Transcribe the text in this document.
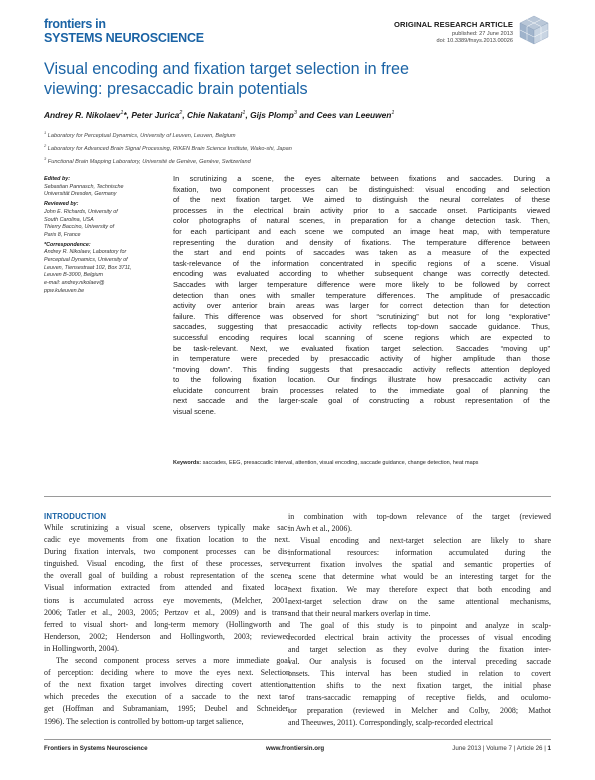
frontiers in
SYSTEMS NEUROSCIENCE
ORIGINAL RESEARCH ARTICLE
published: 27 June 2013
doi: 10.3389/fnsys.2013.00026
Visual encoding and fixation target selection in free
viewing: presaccadic brain potentials
Andrey R. Nikolaev$^1$*, Peter Jurica$^2$, Chie Nakatani$^1$, Gijs Plomp$^3$ and Cees van Leeuwen$^1$
$^1$ Laboratory for Perceptual Dynamics, University of Leuven, Leuven, Belgium
$^2$ Laboratory for Advanced Brain Signal Processing, RIKEN Brain Science Institute, Wako-shi, Japan
$^3$ Functional Brain Mapping Laboratory, Université de Genève, Genève, Switzerland
Edited by:
Sebastian Pannasch, Technische
Universität Dresden, Germany
Reviewed by:
John E. Richards, University of
South Carolina, USA
Thierry Baccino, University of
Paris 8, France
*Correspondence:
Andrey R. Nikolaev, Laboratory for
Perceptual Dynamics, University of
Leuven, Tiensestraat 102, Box 3711,
Leuven B-3000, Belgium
e-mail: andrey.nikolaev@
ppw.kuleuven.be
In scrutinizing a scene, the eyes alternate between fixations and saccades. During a
fixation, two component processes can be distinguished: visual encoding and selection
of the next fixation target. We aimed to distinguish the neural correlates of these
processes in the electrical brain activity prior to a saccade onset. Participants viewed
color photographs of natural scenes, in preparation for a change detection task. Then,
for each participant and each scene we computed an image heat map, with temperature
representing the duration and density of fixations. The temperature difference between
the start and end points of saccades was taken as a measure of the expected
task-relevance of the information concentrated in specific regions of a scene. Visual
encoding was evaluated according to whether subsequent change was correctly detected.
Saccades with larger temperature difference were more likely to be followed by correct
detection than ones with smaller temperature differences. The amplitude of presaccadic
activity over anterior brain areas was larger for correct detection than for detection
failure. This difference was observed for short “scrutinizing” but not for long “explorative”
saccades, suggesting that presaccadic activity reflects top-down saccade guidance. Thus,
successful encoding requires local scanning of scene regions which are expected to
be task-relevant. Next, we evaluated fixation target selection. Saccades “moving up”
in temperature were preceded by presaccadic activity of higher amplitude than those
“moving down”. This finding suggests that presaccadic activity reflects attention deployed
to the following fixation location. Our findings illustrate how presaccadic activity can
elucidate concurrent brain processes related to the immediate goal of planning the
next saccade and the larger-scale goal of constructing a robust representation of the
visual scene.
Keywords: saccades, EEG, presaccadic interval, attention, visual encoding, saccade guidance, change detection, heat maps
INTRODUCTION
While scrutinizing a visual scene, observers typically make sac-
cadic eye movements from one fixation location to the next.
During fixation intervals, two component processes can be dis-
tinguished. Visual encoding, the first of these processes, serves
the overall goal of building a robust representation of the scene.
Visual information extracted from attended and fixated loca-
tions is accumulated across eye movements, (Melcher, 2001,
2006; Tatler et al., 2003, 2005; Pertzov et al., 2009) and is trans-
ferred to visual short- and long-term memory (Hollingworth and
Henderson, 2002; Henderson and Hollingworth, 2003; reviewed
in Hollingworth, 2004).
The second component process serves a more immediate goal
of perception: deciding where to move the eyes next. Selection
of the next fixation target involves directing covert attention,
which precedes the execution of a saccade to the next tar-
get (Hoffman and Subramaniam, 1995; Deubel and Schneider,
1996). The selection is controlled by bottom-up target salience,
in combination with top-down relevance of the target (reviewed
in Awh et al., 2006).
Visual encoding and next-target selection are likely to share
informational resources: information accumulated during the
current fixation involves the spatial and semantic properties of
a scene that determine what would be an interesting target for the
next fixation. We may therefore expect that both encoding and
next-target selection draw on the same attentional mechanisms,
and that their neural markers overlap in time.
The goal of this study is to pinpoint and analyze in scalp-
recorded electrical brain activity the processes of visual encoding
and target selection as they evolve during the fixation inter-
val. Our analysis is focused on the interval preceding saccade
onsets. This interval has been studied in relation to covert
attention shifts to the next fixation target, the initial phase
of trans-saccadic remapping of receptive fields, and oculomo-
tor preparation (reviewed in Melcher and Colby, 2008; Mathot
and Theeuwes, 2011). Correspondingly, scalp-recorded electrical
Frontiers in Systems Neuroscience	www.frontiersin.org	June 2013 | Volume 7 | Article 26 | 1
